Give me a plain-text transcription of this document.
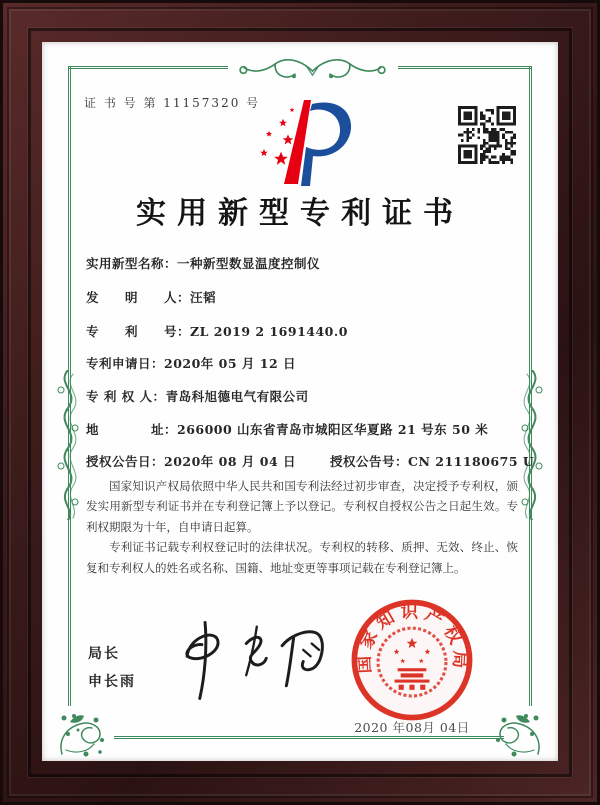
证 书 号 第 11157320 号
实用新型专利证书
实用新型名称：一种新型数显温度控制仪
发　　明　　人：汪韬
专　　利　　号：ZL 2019 2 1691440.0
专利申请日：2020年 05 月 12 日
专 利 权 人：青岛科旭德电气有限公司
地　　　　址：266000 山东省青岛市城阳区华夏路 21 号东 50 米
授权公告日：2020年 08 月 04 日	授权公告号：CN 211180675 U

国家知识产权局依照中华人民共和国专利法经过初步审查，决定授予专利权，颁发实用新型专利证书并在专利登记簿上予以登记。专利权自授权公告之日起生效。专利权期限为十年，自申请日起算。

专利证书记载专利权登记时的法律状况。专利权的转移、质押、无效、终止、恢复和专利权人的姓名或名称、国籍、地址变更等事项记载在专利登记簿上。

局长
申长雨
2020 年08月 04日
国家知识产权局
